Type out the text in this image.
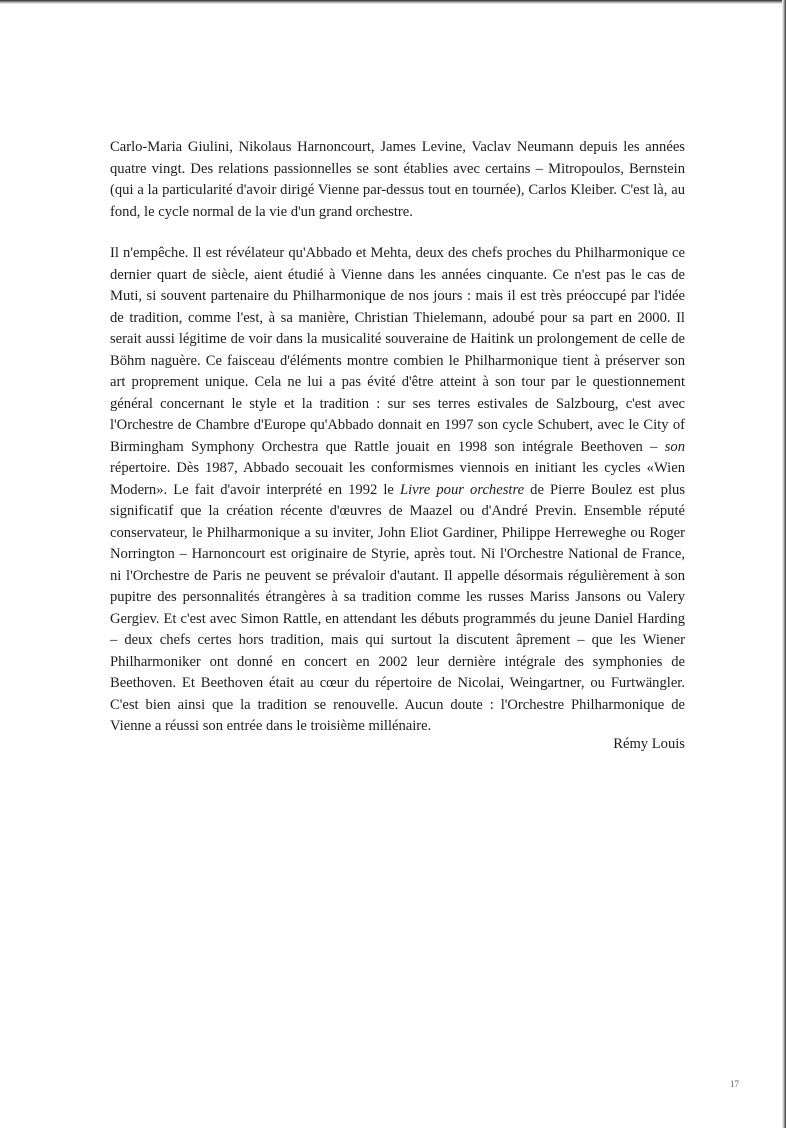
Carlo-Maria Giulini, Nikolaus Harnoncourt, James Levine, Vaclav Neumann depuis les années quatre vingt. Des relations passionnelles se sont établies avec certains – Mitropoulos, Bernstein (qui a la particularité d'avoir dirigé Vienne par-dessus tout en tournée), Carlos Kleiber. C'est là, au fond, le cycle normal de la vie d'un grand orchestre.

Il n'empêche. Il est révélateur qu'Abbado et Mehta, deux des chefs proches du Philharmonique ce dernier quart de siècle, aient étudié à Vienne dans les années cinquante. Ce n'est pas le cas de Muti, si souvent partenaire du Philharmonique de nos jours : mais il est très préoccupé par l'idée de tradition, comme l'est, à sa manière, Christian Thielemann, adoubé pour sa part en 2000. Il serait aussi légitime de voir dans la musicalité souveraine de Haitink un prolongement de celle de Böhm naguère. Ce faisceau d'éléments montre combien le Philharmonique tient à préserver son art proprement unique. Cela ne lui a pas évité d'être atteint à son tour par le questionnement général concernant le style et la tradition : sur ses terres estivales de Salzbourg, c'est avec l'Orchestre de Chambre d'Europe qu'Abbado donnait en 1997 son cycle Schubert, avec le City of Birmingham Symphony Orchestra que Rattle jouait en 1998 son intégrale Beethoven – son répertoire. Dès 1987, Abbado secouait les conformismes viennois en initiant les cycles «Wien Modern». Le fait d'avoir interprété en 1992 le Livre pour orchestre de Pierre Boulez est plus significatif que la création récente d'œuvres de Maazel ou d'André Previn. Ensemble réputé conservateur, le Philharmonique a su inviter, John Eliot Gardiner, Philippe Herreweghe ou Roger Norrington – Harnoncourt est originaire de Styrie, après tout. Ni l'Orchestre National de France, ni l'Orchestre de Paris ne peuvent se prévaloir d'autant. Il appelle désormais régulièrement à son pupitre des personnalités étrangères à sa tradition comme les russes Mariss Jansons ou Valery Gergiev. Et c'est avec Simon Rattle, en attendant les débuts programmés du jeune Daniel Harding – deux chefs certes hors tradition, mais qui surtout la discutent âprement – que les Wiener Philharmoniker ont donné en concert en 2002 leur dernière intégrale des symphonies de Beethoven. Et Beethoven était au cœur du répertoire de Nicolai, Weingartner, ou Furtwängler. C'est bien ainsi que la tradition se renouvelle. Aucun doute : l'Orchestre Philharmonique de Vienne a réussi son entrée dans le troisième millénaire.

Rémy Louis
17
